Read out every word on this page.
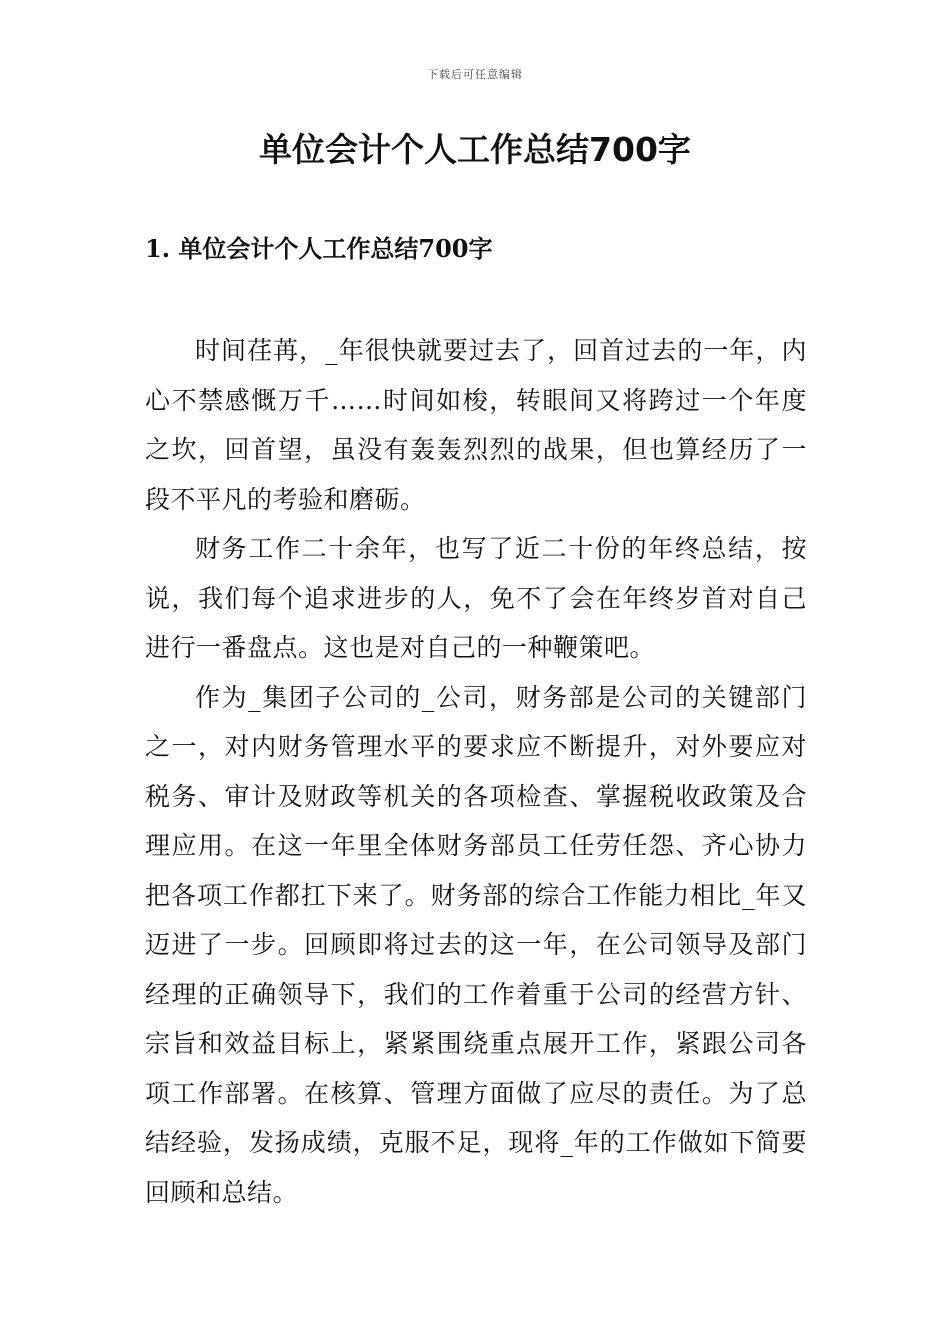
下载后可任意编辑
单位会计个人工作总结700字
1. 单位会计个人工作总结700字

时间荏苒，_年很快就要过去了，回首过去的一年，内心不禁感慨万千……时间如梭，转眼间又将跨过一个年度之坎，回首望，虽没有轰轰烈烈的战果，但也算经历了一段不平凡的考验和磨砺。

财务工作二十余年，也写了近二十份的年终总结，按说，我们每个追求进步的人，免不了会在年终岁首对自己进行一番盘点。这也是对自己的一种鞭策吧。

作为_集团子公司的_公司，财务部是公司的关键部门之一，对内财务管理水平的要求应不断提升，对外要应对税务、审计及财政等机关的各项检查、掌握税收政策及合理应用。在这一年里全体财务部员工任劳任怨、齐心协力把各项工作都扛下来了。财务部的综合工作能力相比_年又迈进了一步。回顾即将过去的这一年，在公司领导及部门经理的正确领导下，我们的工作着重于公司的经营方针、宗旨和效益目标上，紧紧围绕重点展开工作，紧跟公司各项工作部署。在核算、管理方面做了应尽的责任。为了总结经验，发扬成绩，克服不足，现将_年的工作做如下简要回顾和总结。
